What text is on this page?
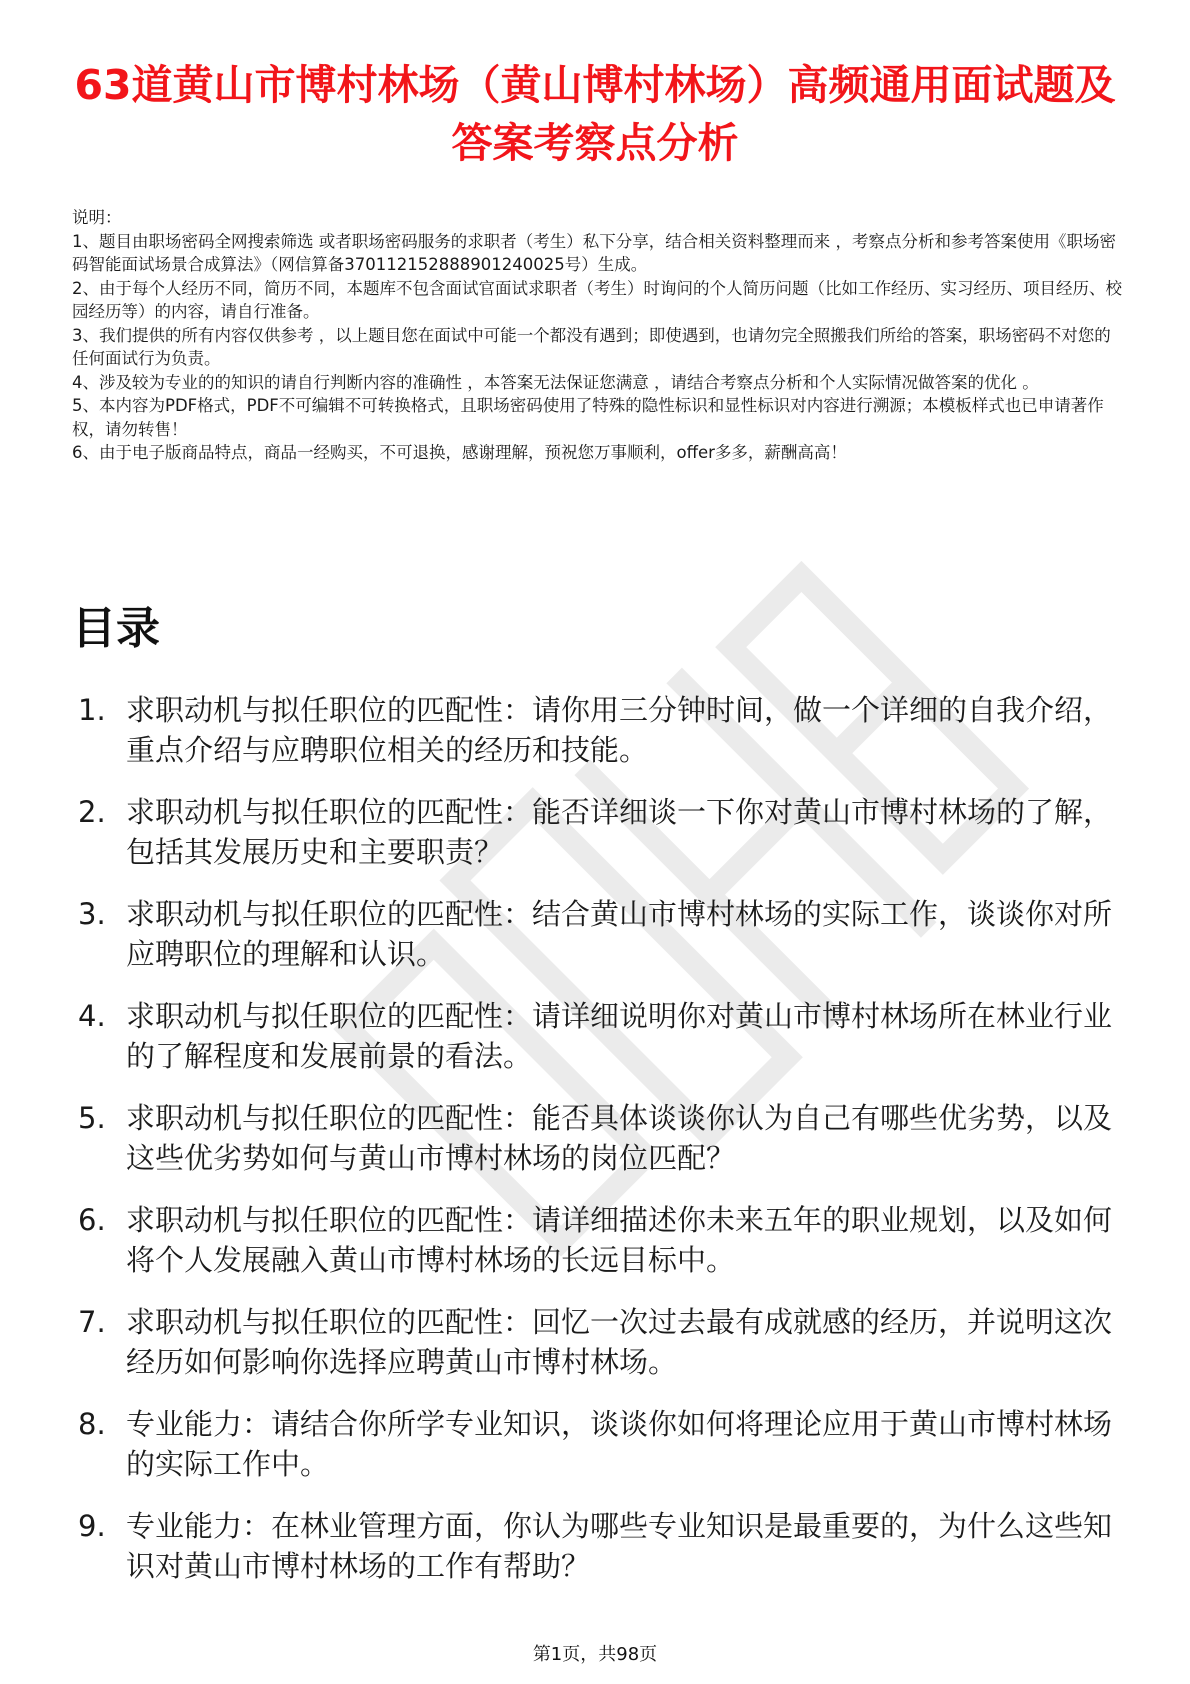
63道黄山市博村林场（黄山博村林场）高频通用面试题及答案考察点分析

说明：

1、题目由职场密码全网搜索筛选 或者职场密码服务的求职者（考生）私下分享，结合相关资料整理而来 ，考察点分析和参考答案使用《职场密码智能面试场景合成算法》（网信算备370112152888901240025号）生成。

2、由于每个人经历不同，简历不同，本题库不包含面试官面试求职者（考生）时询问的个人简历问题（比如工作经历、实习经历、项目经历、校园经历等）的内容，请自行准备。

3、我们提供的所有内容仅供参考 ，以上题目您在面试中可能一个都没有遇到；即使遇到，也请勿完全照搬我们所给的答案，职场密码不对您的任何面试行为负责。

4、涉及较为专业的的知识的请自行判断内容的准确性 ，本答案无法保证您满意 ，请结合考察点分析和个人实际情况做答案的优化 。

5、本内容为PDF格式，PDF不可编辑不可转换格式，且职场密码使用了特殊的隐性标识和显性标识对内容进行溯源；本模板样式也已申请著作权，请勿转售！

6、由于电子版商品特点，商品一经购买，不可退换，感谢理解，预祝您万事顺利，offer多多，薪酬高高！

目录
1. 求职动机与拟任职位的匹配性：请你用三分钟时间，做一个详细的自我介绍，重点介绍与应聘职位相关的经历和技能。
2. 求职动机与拟任职位的匹配性：能否详细谈一下你对黄山市博村林场的了解，包括其发展历史和主要职责？
3. 求职动机与拟任职位的匹配性：结合黄山市博村林场的实际工作，谈谈你对所应聘职位的理解和认识。
4. 求职动机与拟任职位的匹配性：请详细说明你对黄山市博村林场所在林业行业的了解程度和发展前景的看法。
5. 求职动机与拟任职位的匹配性：能否具体谈谈你认为自己有哪些优劣势，以及这些优劣势如何与黄山市博村林场的岗位匹配？
6. 求职动机与拟任职位的匹配性：请详细描述你未来五年的职业规划，以及如何将个人发展融入黄山市博村林场的长远目标中。
7. 求职动机与拟任职位的匹配性：回忆一次过去最有成就感的经历，并说明这次经历如何影响你选择应聘黄山市博村林场。
8. 专业能力：请结合你所学专业知识，谈谈你如何将理论应用于黄山市博村林场的实际工作中。
9. 专业能力：在林业管理方面，你认为哪些专业知识是最重要的，为什么这些知识对黄山市博村林场的工作有帮助？
第1页，共98页
